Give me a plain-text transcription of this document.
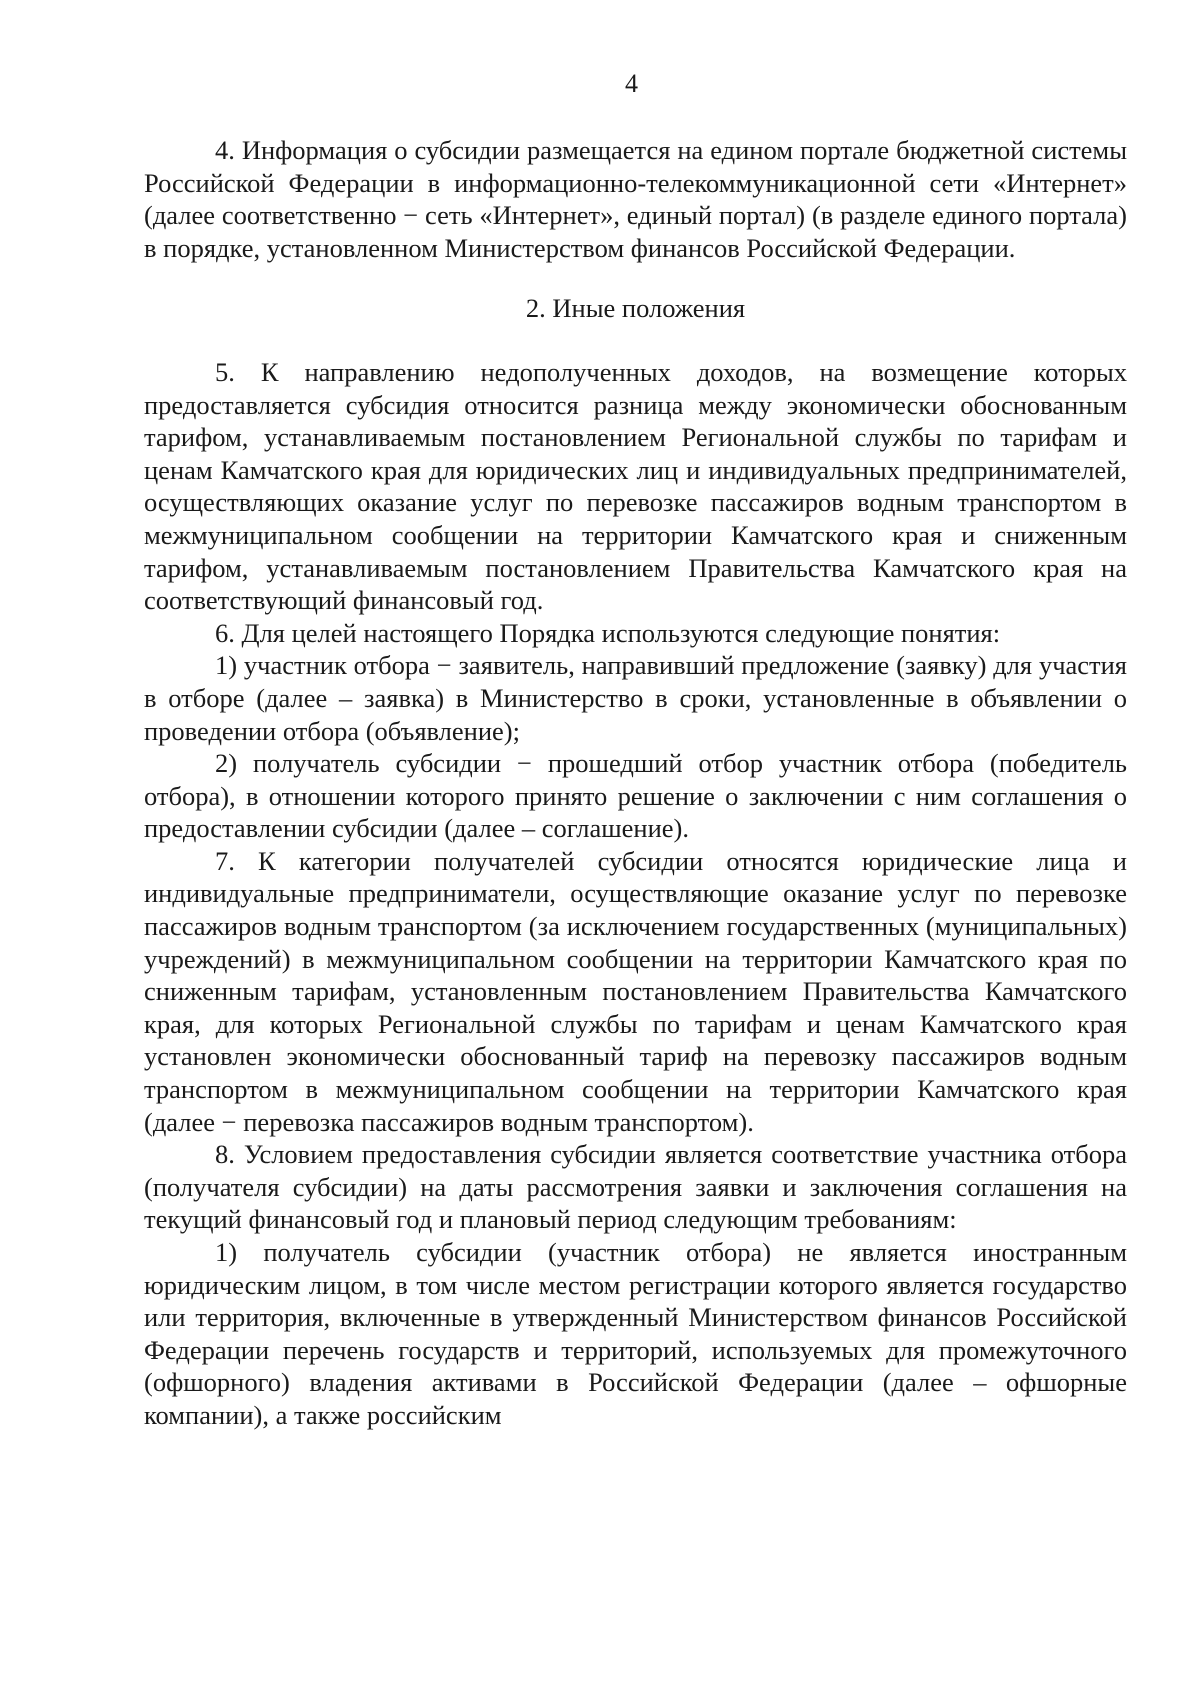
4

4. Информация о субсидии размещается на едином портале бюджетной системы Российской Федерации в информационно-телекоммуникационной сети «Интернет» (далее соответственно − сеть «Интернет», единый портал) (в разделе единого портала) в порядке, установленном Министерством финансов Российской Федерации.

2. Иные положения

5. К направлению недополученных доходов, на возмещение которых предоставляется субсидия относится разница между экономически обоснованным тарифом, устанавливаемым постановлением Региональной службы по тарифам и ценам Камчатского края для юридических лиц и индивидуальных предпринимателей, осуществляющих оказание услуг по перевозке пассажиров водным транспортом в межмуниципальном сообщении на территории Камчатского края и сниженным тарифом, устанавливаемым постановлением Правительства Камчатского края на соответствующий финансовый год.

6. Для целей настоящего Порядка используются следующие понятия:

1) участник отбора − заявитель, направивший предложение (заявку) для участия в отборе (далее – заявка) в Министерство в сроки, установленные в объявлении о проведении отбора (объявление);

2) получатель субсидии − прошедший отбор участник отбора (победитель отбора), в отношении которого принято решение о заключении с ним соглашения о предоставлении субсидии (далее – соглашение).

7. К категории получателей субсидии относятся юридические лица и индивидуальные предприниматели, осуществляющие оказание услуг по перевозке пассажиров водным транспортом (за исключением государственных (муниципальных) учреждений) в межмуниципальном сообщении на территории Камчатского края по сниженным тарифам, установленным постановлением Правительства Камчатского края, для которых Региональной службы по тарифам и ценам Камчатского края установлен экономически обоснованный тариф на перевозку пассажиров водным транспортом в межмуниципальном сообщении на территории Камчатского края (далее − перевозка пассажиров водным транспортом).

8. Условием предоставления субсидии является соответствие участника отбора (получателя субсидии) на даты рассмотрения заявки и заключения соглашения на текущий финансовый год и плановый период следующим требованиям:

1) получатель субсидии (участник отбора) не является иностранным юридическим лицом, в том числе местом регистрации которого является государство или территория, включенные в утвержденный Министерством финансов Российской Федерации перечень государств и территорий, используемых для промежуточного (офшорного) владения активами в Российской Федерации (далее – офшорные компании), а также российским
